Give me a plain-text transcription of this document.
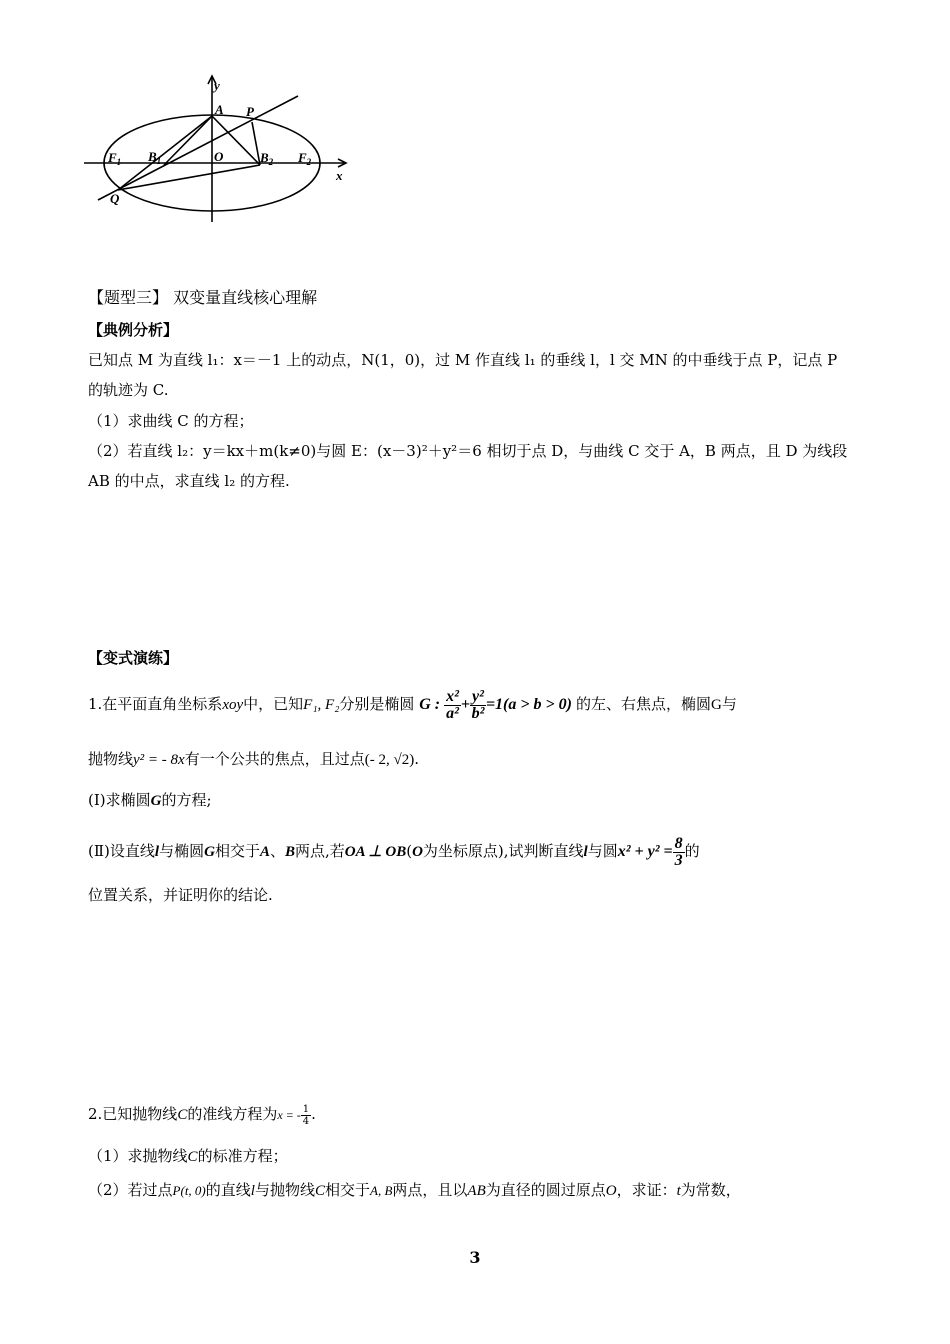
y
x
A P
$F_1$ $B_1$	O	$B_2$ $F_2$
Q
【题型三】 双变量直线核心理解
【典例分析】
已知点 M 为直线 l₁：x＝－1 上的动点，N(1，0)，过 M 作直线 l₁ 的垂线 l，l 交 MN 的中垂线于点 P，记点 P
的轨迹为 C.
（1）求曲线 C 的方程；
（2）若直线 l₂：y＝kx＋m(k≠0)与圆 E：(x－3)²＋y²＝6 相切于点 D，与曲线 C 交于 A，B 两点，且 D 为线段
AB 的中点，求直线 l₂ 的方程.
【变式演练】
1.在平面直角坐标系xoy中，已知F₁, F₂分别是椭圆 G : $\frac{\text{x²}}{\text{a²}} + \frac{\text{y²}}{\text{b²}} =1(a > b > 0)$ 的左、右焦点，椭圆G与
抛物线y² = - 8x有一个公共的焦点，且过点(- 2, √2).
(Ⅰ)求椭圆G的方程;
(Ⅱ)设直线l与椭圆G相交于A、B两点,若OA ⊥ OB(O为坐标原点),试判断直线l与圆$x^2 + y^2 = \frac{8}{3}$ 的
位置关系，并证明你的结论.
2.已知抛物线C的准线方程为x = - $\frac{1}{4}$ .
（1）求抛物线C的标准方程；
（2）若过点P(t, 0)的直线l与抛物线C相交于A, B两点，且以AB为直径的圆过原点O，求证：t为常数，
3
